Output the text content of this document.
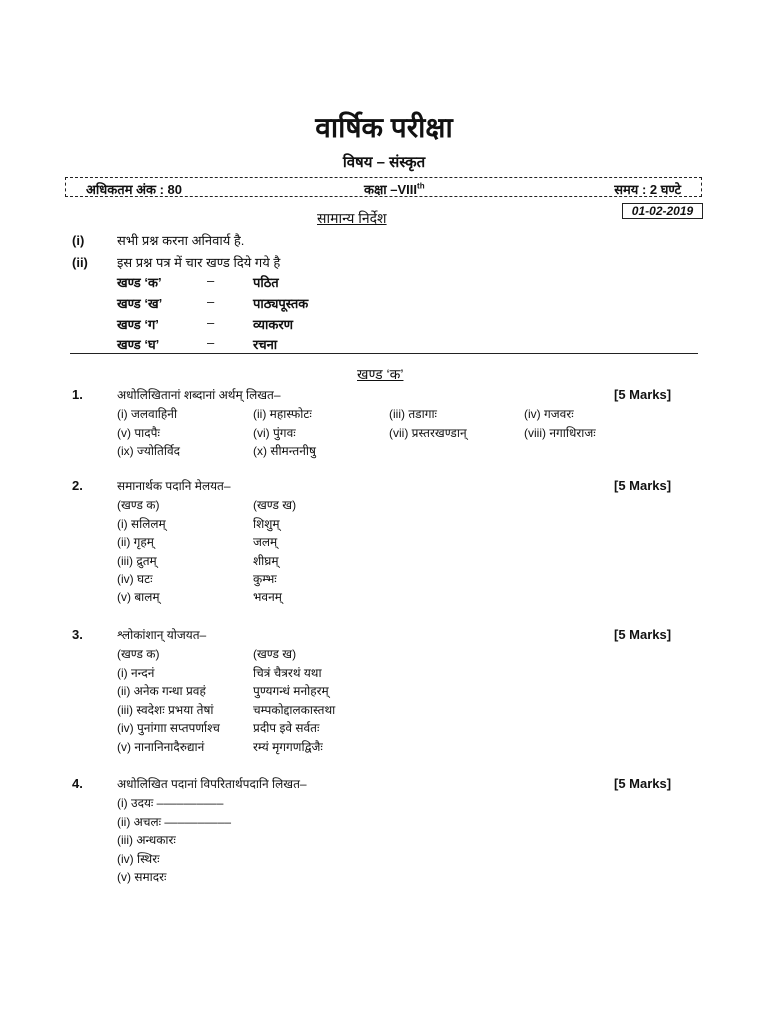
वार्षिक परीक्षा
विषय – संस्कृत
अधिकतम अंक : 80	कक्षा –VIIIth	समय : 2 घण्टे
सामान्य निर्देश	01-02-2019
(i)	सभी प्रश्न करना अनिवार्य है.
(ii) इस प्रश्न पत्र में चार खण्ड दिये गये है
खण्ड ‘क’	–	पठित
खण्ड ‘ख’	–	पाठ्यपूस्तक
खण्ड ‘ग’	–	व्याकरण
खण्ड ‘घ’	–	रचना
खण्ड ‘क’
1.	अधोलिखितानां शब्दानां अर्थम् लिखत–	[5 Marks]
(i) जलवाहिनी	(ii) महास्फोटः	(iii) तडागाः	(iv) गजवरः
(v) पादपैः	(vi) पुंगवः	(vii) प्रस्तरखण्डान्	(viii) नगाधिराजः
(ix) ज्योतिर्विद	(x) सीमन्तनीषु
2.	समानार्थक पदानि मेलयत–	[5 Marks]
(खण्ड क)	(खण्ड ख)
(i) सलिलम्	शिशुम्
(ii) गृहम्	जलम्
(iii) द्रुतम्	शीघ्रम्
(iv) घटः	कुम्भः
(v) बालम्	भवनम्
3.	श्लोकांशान् योजयत–	[5 Marks]
(खण्ड क)	(खण्ड ख)
(i) नन्दनं	चित्रं चैत्ररथं यथा
(ii) अनेक गन्धा प्रवहं	पुण्यगन्धं मनोहरम्
(iii) स्वदेशः प्रभया तेषां	चम्पकोद्दालकास्तथा
(iv) पुनांगाा सप्तपर्णाश्च	प्रदीप इवे सर्वतः
(v) नानानिनादैरुद्यानं	रम्यं मृगगणद्विजैः
4.	अधोलिखित पदानां विपरितार्थपदानि लिखत–	[5 Marks]
(i) उदयः ––––––––––
(ii) अचलः ––––––––––
(iii) अन्धकारः
(iv) स्थिरः
(v) समादरः
